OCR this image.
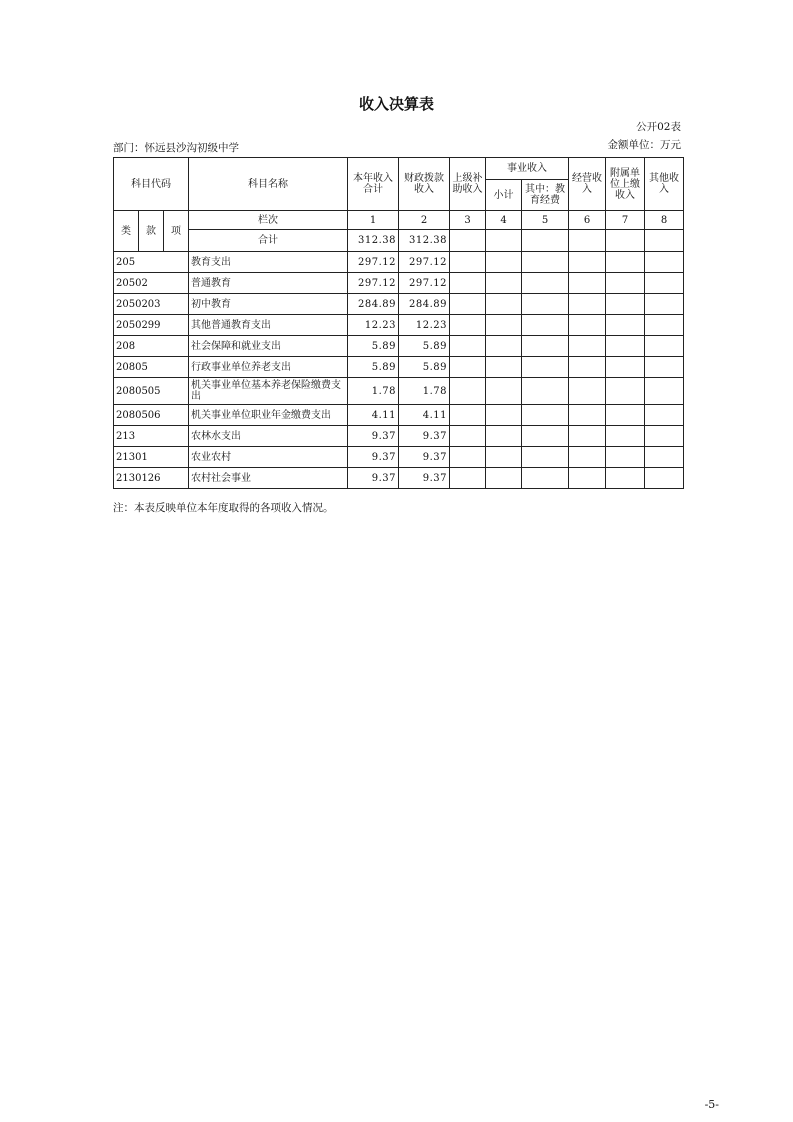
收入决算表
公开02表
部门：怀远县沙沟初级中学	金额单位：万元
科目代码			科目名称	本年收入合计	财政拨款收入	上级补助收入	事业收入		经营收入	附属单位上缴收入	其他收入
							小计	其中：教育经费			
类	款	项	栏次	1	2	3	4	5	6	7	8
			合计	312.38	312.38						
205			教育支出	297.12	297.12						
20502			普通教育	297.12	297.12						
2050203			初中教育	284.89	284.89						
2050299			其他普通教育支出	12.23	12.23						
208			社会保障和就业支出	5.89	5.89						
20805			行政事业单位养老支出	5.89	5.89						
2080505			机关事业单位基本养老保险缴费支出	1.78	1.78						
2080506			机关事业单位职业年金缴费支出	4.11	4.11						
213			农林水支出	9.37	9.37						
21301			农业农村	9.37	9.37						
2130126			农村社会事业	9.37	9.37						
注：本表反映单位本年度取得的各项收入情况。
-5-
